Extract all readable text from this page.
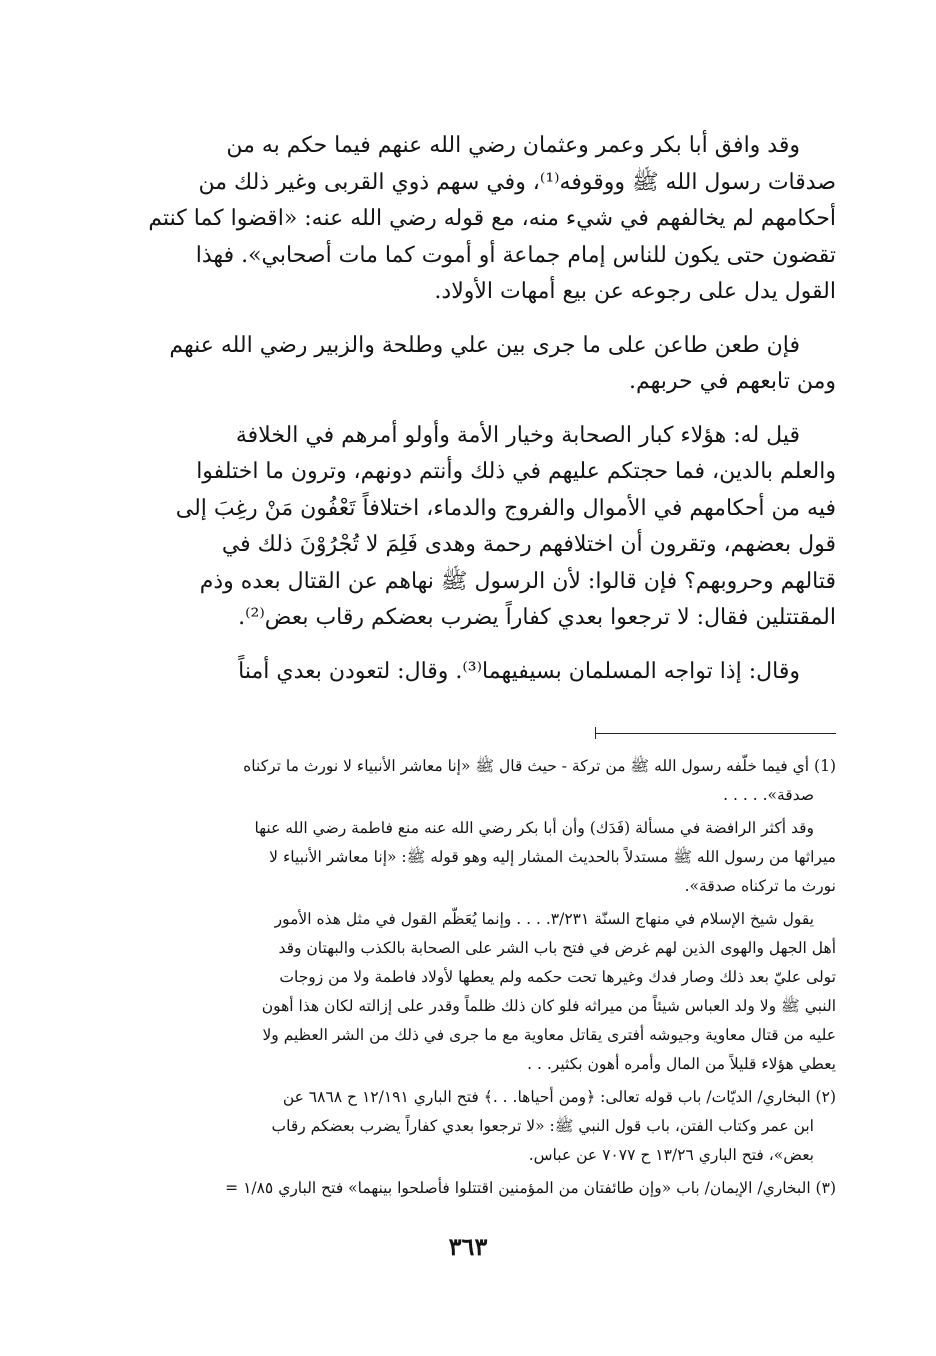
وقد وافق أبا بكر وعمر وعثمان رضي الله عنهم فيما حكم به من
صدقات رسول الله ﷺ ووقوفه⁽¹⁾، وفي سهم ذوي القربى وغير ذلك من
أحكامهم لم يخالفهم في شيء منه، مع قوله رضي الله عنه: «اقضوا كما كنتم
تقضون حتى يكون للناس إمام جماعة أو أموت كما مات أصحابي». فهذا
القول يدل على رجوعه عن بيع أمهات الأولاد.
فإن طعن طاعن على ما جرى بين علي وطلحة والزبير رضي الله عنهم
ومن تابعهم في حربهم.
قيل له: هؤلاء كبار الصحابة وخيار الأمة وأولو أمرهم في الخلافة
والعلم بالدين، فما حجتكم عليهم في ذلك وأنتم دونهم، وترون ما اختلفوا
فيه من أحكامهم في الأموال والفروج والدماء، اختلافاً تَعْفُون مَنْ رغِبَ إلى
قول بعضهم، وتقرون أن اختلافهم رحمة وهدى فَلِمَ لا تُجْرُوْنَ ذلك في
قتالهم وحروبهم؟ فإن قالوا: لأن الرسول ﷺ نهاهم عن القتال بعده وذم
المقتتلين فقال: لا ترجعوا بعدي كفاراً يضرب بعضكم رقاب بعض⁽²⁾.
وقال: إذا تواجه المسلمان بسيفيهما⁽³⁾. وقال: لتعودن بعدي أمناً
(1) أي فيما خلّفه رسول الله ﷺ من تركة - حيث قال ﷺ «إنا معاشر الأنبياء لا نورث ما تركناه
صدقة». . . . .
وقد أكثر الرافضة في مسألة (فَدَك) وأن أبا بكر رضي الله عنه منع فاطمة رضي الله عنها
ميراثها من رسول الله ﷺ مستدلاً بالحديث المشار إليه وهو قوله ﷺ: «إنا معاشر الأنبياء لا
نورث ما تركناه صدقة».
يقول شيخ الإسلام في منهاج السنّة ٣/٢٣١. . . . وإنما يُعَظّم القول في مثل هذه الأمور
أهل الجهل والهوى الذين لهم غرض في فتح باب الشر على الصحابة بالكذب والبهتان وقد
تولى عليّ بعد ذلك وصار فدك وغيرها تحت حكمه ولم يعطها لأولاد فاطمة ولا من زوجات
النبي ﷺ ولا ولد العباس شيئاً من ميراثه فلو كان ذلك ظلماً وقدر على إزالته لكان هذا أهون
عليه من قتال معاوية وجيوشه أفترى يقاتل معاوية مع ما جرى في ذلك من الشر العظيم ولا
يعطي هؤلاء قليلاً من المال وأمره أهون بكثير. . .
(٢) البخاري/ الديّات/ باب قوله تعالى: ﴿ومن أحياها. . .﴾ فتح الباري ١٢/١٩١ ح ٦٨٦٨ عن
ابن عمر وكتاب الفتن، باب قول النبي ﷺ: «لا ترجعوا بعدي كفاراً يضرب بعضكم رقاب
بعض»، فتح الباري ١٣/٢٦ ح ٧٠٧٧ عن عباس.
(٣) البخاري/ الإيمان/ باب «وإن طائفتان من المؤمنين اقتتلوا فأصلحوا بينهما» فتح الباري ١/٨٥ =
٣٦٣
